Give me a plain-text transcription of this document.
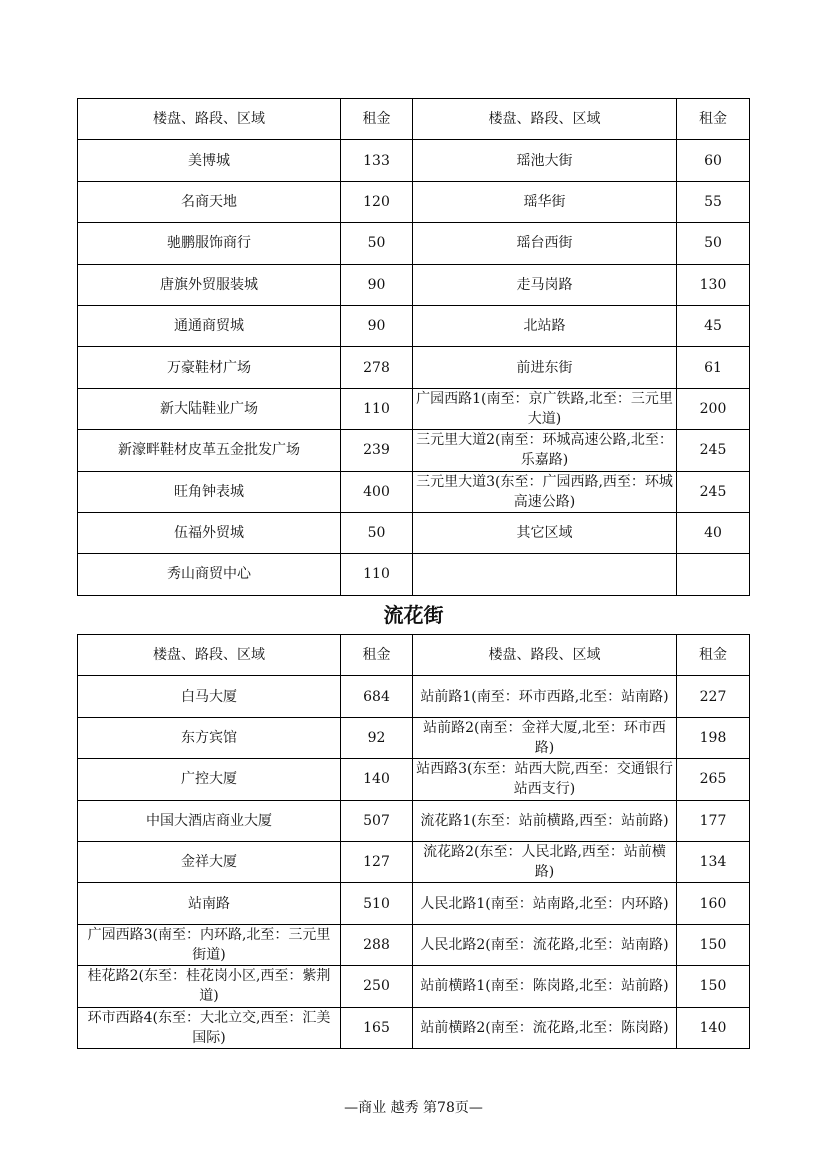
楼盘、路段、区域	租金	楼盘、路段、区域	租金
美博城	133	瑶池大街	60
名商天地	120	瑶华街	55
驰鹏服饰商行	50	瑶台西街	50
唐旗外贸服装城	90	走马岗路	130
通通商贸城	90	北站路	45
万豪鞋材广场	278	前进东街	61
新大陆鞋业广场	110	广园西路1(南至：京广铁路,北至：三元里大道)	200
新濠畔鞋材皮革五金批发广场	239	三元里大道2(南至：环城高速公路,北至：乐嘉路)	245
旺角钟表城	400	三元里大道3(东至：广园西路,西至：环城高速公路)	245
伍福外贸城	50	其它区域	40
秀山商贸中心	110		
流花街
楼盘、路段、区域	租金	楼盘、路段、区域	租金
白马大厦	684	站前路1(南至：环市西路,北至：站南路)	227
东方宾馆	92	站前路2(南至：金祥大厦,北至：环市西路)	198
广控大厦	140	站西路3(东至：站西大院,西至：交通银行站西支行)	265
中国大酒店商业大厦	507	流花路1(东至：站前横路,西至：站前路)	177
金祥大厦	127	流花路2(东至：人民北路,西至：站前横路)	134
站南路	510	人民北路1(南至：站南路,北至：内环路)	160
广园西路3(南至：内环路,北至：三元里街道)	288	人民北路2(南至：流花路,北至：站南路)	150
桂花路2(东至：桂花岗小区,西至：紫荆道)	250	站前横路1(南至：陈岗路,北至：站前路)	150
环市西路4(东至：大北立交,西至：汇美国际)	165	站前横路2(南至：流花路,北至：陈岗路)	140
—商业 越秀 第78页—
